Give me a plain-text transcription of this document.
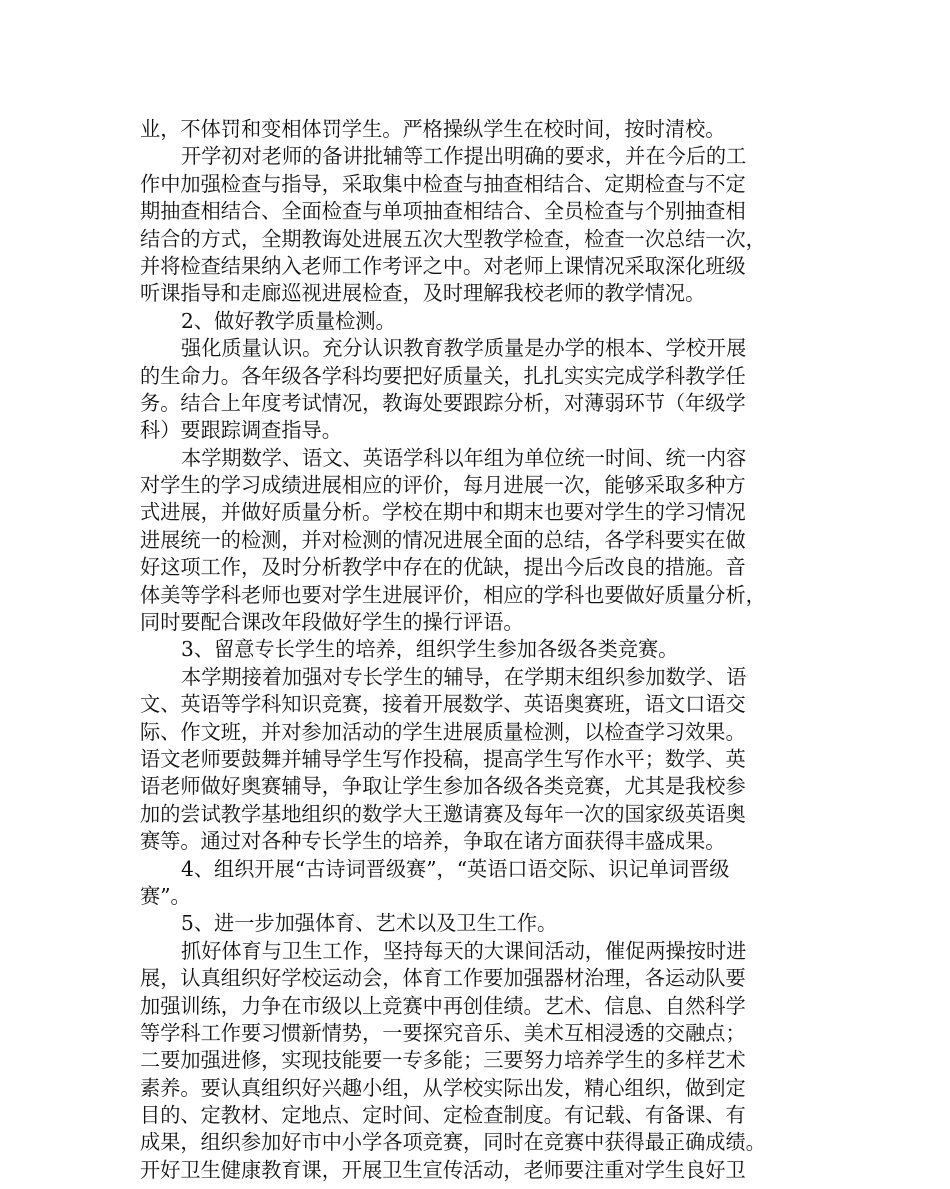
业，不体罚和变相体罚学生。严格操纵学生在校时间，按时清校。
开学初对老师的备讲批辅等工作提出明确的要求，并在今后的工
作中加强检查与指导，采取集中检查与抽查相结合、定期检查与不定
期抽查相结合、全面检查与单项抽查相结合、全员检查与个别抽查相
结合的方式，全期教诲处进展五次大型教学检查，检查一次总结一次，
并将检查结果纳入老师工作考评之中。对老师上课情况采取深化班级
听课指导和走廊巡视进展检查，及时理解我校老师的教学情况。
2、做好教学质量检测。
强化质量认识。充分认识教育教学质量是办学的根本、学校开展
的生命力。各年级各学科均要把好质量关，扎扎实实完成学科教学任
务。结合上年度考试情况，教诲处要跟踪分析，对薄弱环节（年级学
科）要跟踪调查指导。
本学期数学、语文、英语学科以年组为单位统一时间、统一内容
对学生的学习成绩进展相应的评价，每月进展一次，能够采取多种方
式进展，并做好质量分析。学校在期中和期末也要对学生的学习情况
进展统一的检测，并对检测的情况进展全面的总结，各学科要实在做
好这项工作，及时分析教学中存在的优缺，提出今后改良的措施。音
体美等学科老师也要对学生进展评价，相应的学科也要做好质量分析，
同时要配合课改年段做好学生的操行评语。
3、留意专长学生的培养，组织学生参加各级各类竞赛。
本学期接着加强对专长学生的辅导，在学期末组织参加数学、语
文、英语等学科知识竞赛，接着开展数学、英语奥赛班，语文口语交
际、作文班，并对参加活动的学生进展质量检测，以检查学习效果。
语文老师要鼓舞并辅导学生写作投稿，提高学生写作水平；数学、英
语老师做好奥赛辅导，争取让学生参加各级各类竞赛，尤其是我校参
加的尝试教学基地组织的数学大王邀请赛及每年一次的国家级英语奥
赛等。通过对各种专长学生的培养，争取在诸方面获得丰盛成果。
4、组织开展“古诗词晋级赛”，“英语口语交际、识记单词晋级
赛”。
5、进一步加强体育、艺术以及卫生工作。
抓好体育与卫生工作，坚持每天的大课间活动，催促两操按时进
展，认真组织好学校运动会，体育工作要加强器材治理，各运动队要
加强训练，力争在市级以上竞赛中再创佳绩。艺术、信息、自然科学
等学科工作要习惯新情势，一要探究音乐、美术互相浸透的交融点；
二要加强进修，实现技能要一专多能；三要努力培养学生的多样艺术
素养。要认真组织好兴趣小组，从学校实际出发，精心组织，做到定
目的、定教材、定地点、定时间、定检查制度。有记载、有备课、有
成果，组织参加好市中小学各项竞赛，同时在竞赛中获得最正确成绩。
开好卫生健康教育课，开展卫生宣传活动，老师要注重对学生良好卫
